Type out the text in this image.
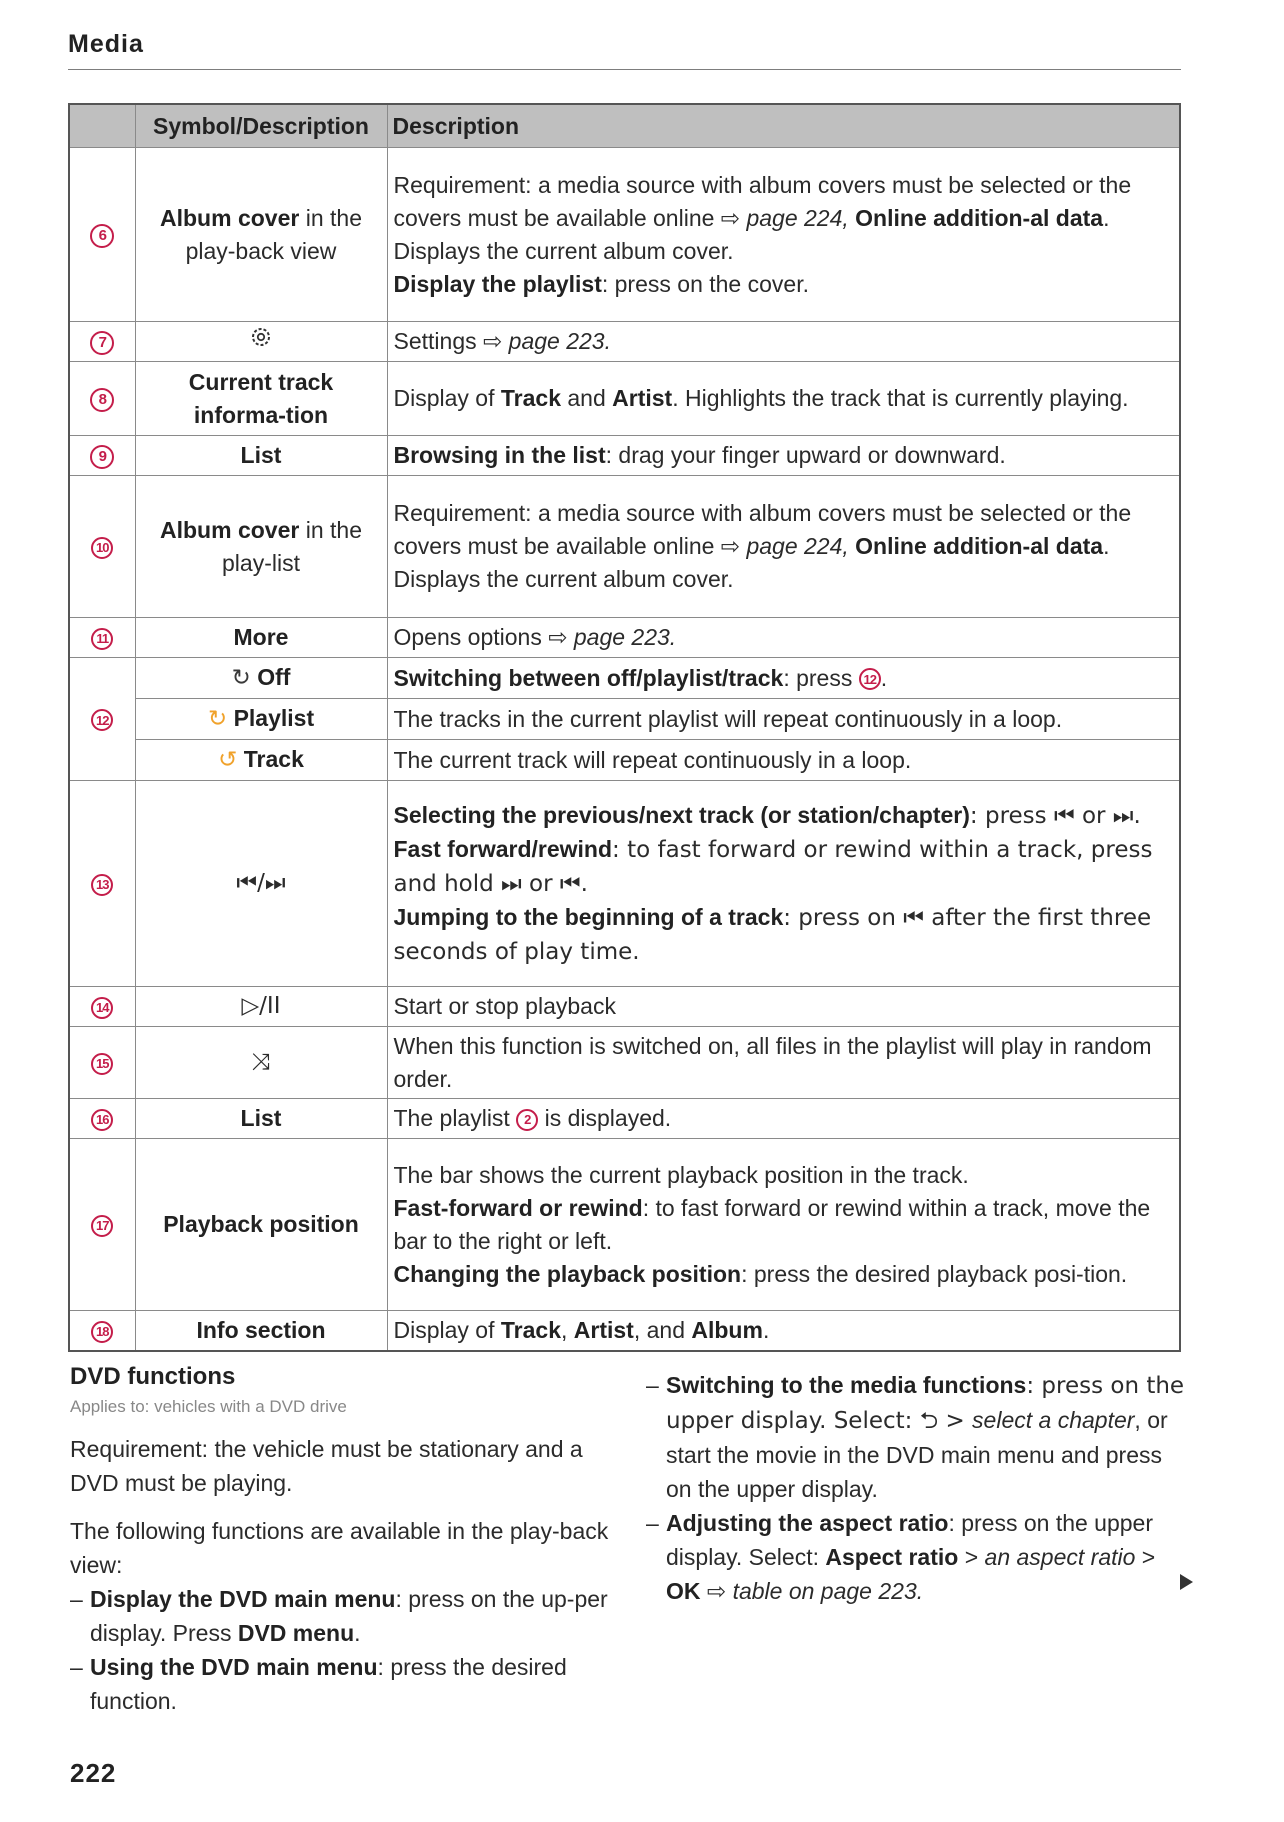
Media
	Symbol/Description	Description
6	Album cover in the play-back view	Requirement: a media source with album covers must be selected or the covers must be available online ⇨ page 224, Online addition-al data.

Displays the current album cover.

Display the playlist: press on the cover.

7		Settings ⇨ page 223.
8	Current track informa-tion	Display of Track and Artist. Highlights the track that is currently playing.
9	List	Browsing in the list: drag your finger upward or downward.
10	Album cover in the play-list	Requirement: a media source with album covers must be selected or the covers must be available online ⇨ page 224, Online addition-al data.

Displays the current album cover.

11	More	Opens options ⇨ page 223.
12	↻ Off	Switching between off/playlist/track: press 12 .
	↻ Playlist	The tracks in the current playlist will repeat continuously in a loop.
	↺ Track	The current track will repeat continuously in a loop.
13	⏮/⏭	Selecting the previous/next track (or station/chapter): press ⏮ or ⏭.

Fast forward/rewind: to fast forward or rewind within a track, press and hold ⏭ or ⏮.

Jumping to the beginning of a track: press on ⏮ after the first three seconds of play time.

14	▷/II	Start or stop playback
15	⤨	When this function is switched on, all files in the playlist will play in random order.
16	List	The playlist 2 is displayed.
17	Playback position	The bar shows the current playback position in the track.

Fast-forward or rewind: to fast forward or rewind within a track, move the bar to the right or left.

Changing the playback position: press the desired playback posi-tion.

18	Info section	Display of Track, Artist, and Album.
DVD functions

Applies to: vehicles with a DVD drive

Requirement: the vehicle must be stationary and a DVD must be playing.

The following functions are available in the play-back view:

– Display the DVD main menu: press on the up-per display. Press DVD menu.

– Using the DVD main menu: press the desired function.

– Switching to the media functions: press on the upper display. Select: ⮌ > select a chapter, or start the movie in the DVD main menu and press on the upper display.

– Adjusting the aspect ratio: press on the upper display. Select: Aspect ratio > an aspect ratio > OK ⇨ table on page 223.

222
